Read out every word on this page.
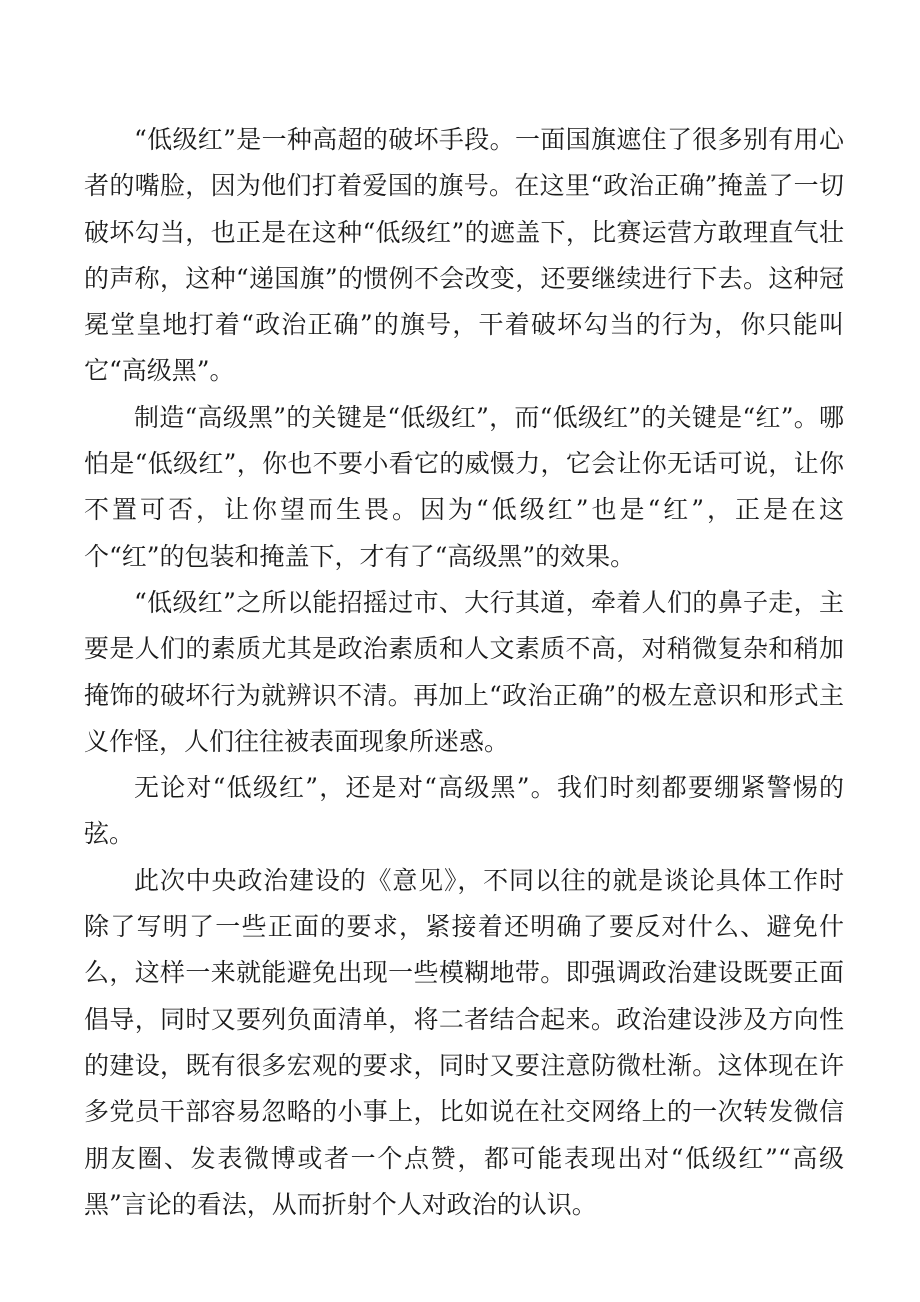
“低级红”是一种高超的破坏手段。一面国旗遮住了很多别有用心者的嘴脸，因为他们打着爱国的旗号。在这里“政治正确”掩盖了一切破坏勾当，也正是在这种“低级红”的遮盖下，比赛运营方敢理直气壮的声称，这种“递国旗”的惯例不会改变，还要继续进行下去。这种冠冕堂皇地打着“政治正确”的旗号，干着破坏勾当的行为，你只能叫它“高级黑”。

制造“高级黑”的关键是“低级红”，而“低级红”的关键是“红”。哪怕是“低级红”，你也不要小看它的威慑力，它会让你无话可说，让你不置可否，让你望而生畏。因为“低级红”也是“红”，正是在这个“红”的包装和掩盖下，才有了“高级黑”的效果。

“低级红”之所以能招摇过市、大行其道，牵着人们的鼻子走，主要是人们的素质尤其是政治素质和人文素质不高，对稍微复杂和稍加掩饰的破坏行为就辨识不清。再加上“政治正确”的极左意识和形式主义作怪，人们往往被表面现象所迷惑。

无论对“低级红”，还是对“高级黑”。我们时刻都要绷紧警惕的弦。

此次中央政治建设的《意见》，不同以往的就是谈论具体工作时除了写明了一些正面的要求，紧接着还明确了要反对什么、避免什么，这样一来就能避免出现一些模糊地带。即强调政治建设既要正面倡导，同时又要列负面清单，将二者结合起来。政治建设涉及方向性的建设，既有很多宏观的要求，同时又要注意防微杜渐。这体现在许多党员干部容易忽略的小事上，比如说在社交网络上的一次转发微信朋友圈、发表微博或者一个点赞，都可能表现出对“低级红”“高级黑”言论的看法，从而折射个人对政治的认识。
